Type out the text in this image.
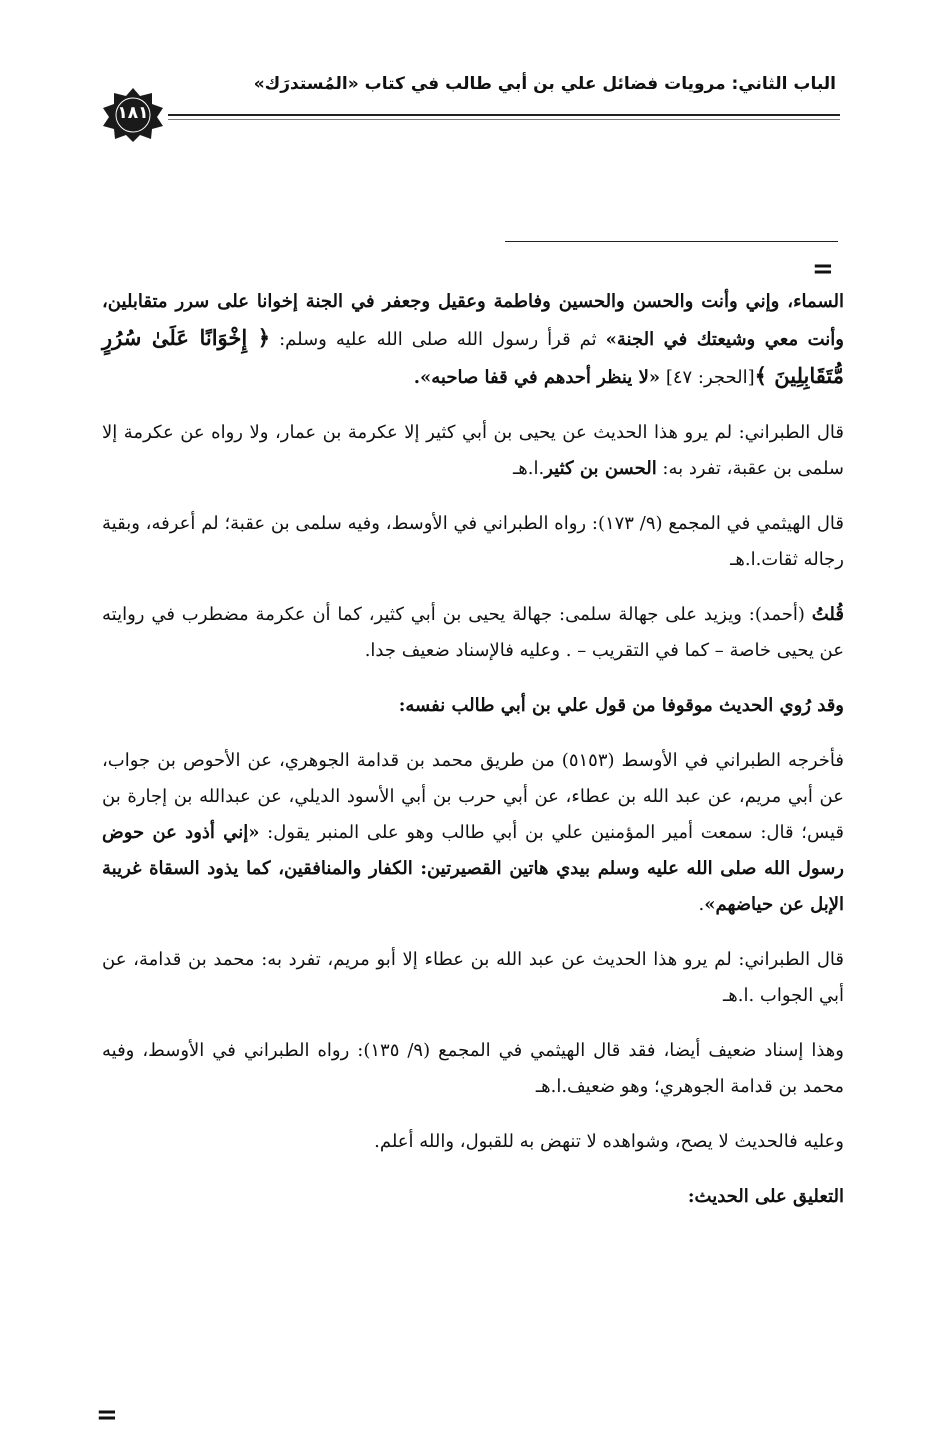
الباب الثاني: مرويات فضائل علي بن أبي طالب في كتاب «المُستدرَك»
١٨١
=

السماء، وإني وأنت والحسن والحسين وفاطمة وعقيل وجعفر في الجنة إخوانا على سرر متقابلين، وأنت معي وشيعتك في الجنة» ثم قرأ رسول الله صلى الله عليه وسلم: ﴿ إِخْوَانًا عَلَىٰ سُرُرٍ مُّتَقَابِلِينَ ﴾[الحجر: ٤٧] «لا ينظر أحدهم في قفا صاحبه».

قال الطبراني: لم يرو هذا الحديث عن يحيى بن أبي كثير إلا عكرمة بن عمار، ولا رواه عن عكرمة إلا سلمى بن عقبة، تفرد به: الحسن بن كثير.ا.هـ

قال الهيثمي في المجمع (٩/ ١٧٣): رواه الطبراني في الأوسط، وفيه سلمى بن عقبة؛ لم أعرفه، وبقية رجاله ثقات.ا.هـ

قُلتُ (أحمد): ويزيد على جهالة سلمى: جهالة يحيى بن أبي كثير، كما أن عكرمة مضطرب في روايته عن يحيى خاصة – كما في التقريب – . وعليه فالإسناد ضعيف جدا.

وقد رُوي الحديث موقوفا من قول علي بن أبي طالب نفسه:

فأخرجه الطبراني في الأوسط (٥١٥٣) من طريق محمد بن قدامة الجوهري، عن الأحوص بن جواب، عن أبي مريم، عن عبد الله بن عطاء، عن أبي حرب بن أبي الأسود الديلي، عن عبدالله بن إجارة بن قيس؛ قال: سمعت أمير المؤمنين علي بن أبي طالب وهو على المنبر يقول: «إني أذود عن حوض رسول الله صلى الله عليه وسلم بيدي هاتين القصيرتين: الكفار والمنافقين، كما يذود السقاة غريبة الإبل عن حياضهم».

قال الطبراني: لم يرو هذا الحديث عن عبد الله بن عطاء إلا أبو مريم، تفرد به: محمد بن قدامة، عن أبي الجواب .ا.هـ

وهذا إسناد ضعيف أيضا، فقد قال الهيثمي في المجمع (٩/ ١٣٥): رواه الطبراني في الأوسط، وفيه محمد بن قدامة الجوهري؛ وهو ضعيف.ا.هـ

وعليه فالحديث لا يصح، وشواهده لا تنهض به للقبول، والله أعلم.

التعليق على الحديث:

=
